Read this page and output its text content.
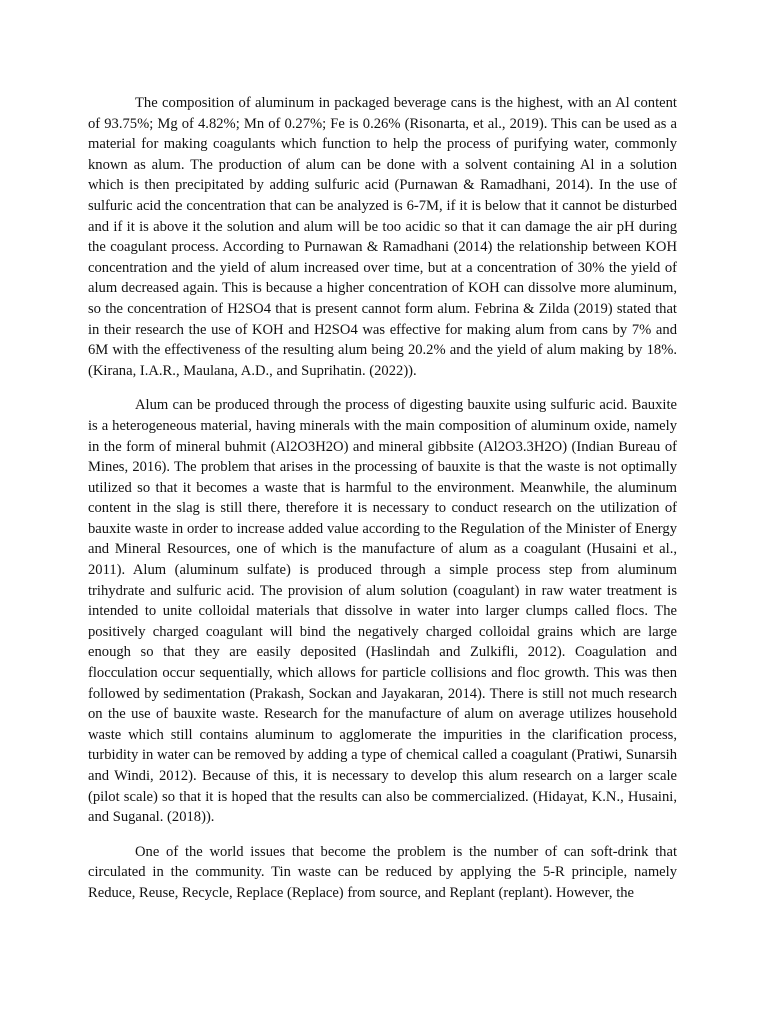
The composition of aluminum in packaged beverage cans is the highest, with an Al content of 93.75%; Mg of 4.82%; Mn of 0.27%; Fe is 0.26% (Risonarta, et al., 2019). This can be used as a material for making coagulants which function to help the process of purifying water, commonly known as alum. The production of alum can be done with a solvent containing Al in a solution which is then precipitated by adding sulfuric acid (Purnawan & Ramadhani, 2014). In the use of sulfuric acid the concentration that can be analyzed is 6-7M, if it is below that it cannot be disturbed and if it is above it the solution and alum will be too acidic so that it can damage the air pH during the coagulant process. According to Purnawan & Ramadhani (2014) the relationship between KOH concentration and the yield of alum increased over time, but at a concentration of 30% the yield of alum decreased again. This is because a higher concentration of KOH can dissolve more aluminum, so the concentration of H2SO4 that is present cannot form alum. Febrina & Zilda (2019) stated that in their research the use of KOH and H2SO4 was effective for making alum from cans by 7% and 6M with the effectiveness of the resulting alum being 20.2% and the yield of alum making by 18%. (Kirana, I.A.R., Maulana, A.D., and Suprihatin. (2022)).

Alum can be produced through the process of digesting bauxite using sulfuric acid. Bauxite is a heterogeneous material, having minerals with the main composition of aluminum oxide, namely in the form of mineral buhmit (Al2O3H2O) and mineral gibbsite (Al2O3.3H2O) (Indian Bureau of Mines, 2016). The problem that arises in the processing of bauxite is that the waste is not optimally utilized so that it becomes a waste that is harmful to the environment. Meanwhile, the aluminum content in the slag is still there, therefore it is necessary to conduct research on the utilization of bauxite waste in order to increase added value according to the Regulation of the Minister of Energy and Mineral Resources, one of which is the manufacture of alum as a coagulant (Husaini et al., 2011). Alum (aluminum sulfate) is produced through a simple process step from aluminum trihydrate and sulfuric acid. The provision of alum solution (coagulant) in raw water treatment is intended to unite colloidal materials that dissolve in water into larger clumps called flocs. The positively charged coagulant will bind the negatively charged colloidal grains which are large enough so that they are easily deposited (Haslindah and Zulkifli, 2012). Coagulation and flocculation occur sequentially, which allows for particle collisions and floc growth. This was then followed by sedimentation (Prakash, Sockan and Jayakaran, 2014). There is still not much research on the use of bauxite waste. Research for the manufacture of alum on average utilizes household waste which still contains aluminum to agglomerate the impurities in the clarification process, turbidity in water can be removed by adding a type of chemical called a coagulant (Pratiwi, Sunarsih and Windi, 2012). Because of this, it is necessary to develop this alum research on a larger scale (pilot scale) so that it is hoped that the results can also be commercialized. (Hidayat, K.N., Husaini, and Suganal. (2018)).

One of the world issues that become the problem is the number of can soft-drink that circulated in the community. Tin waste can be reduced by applying the 5-R principle, namely Reduce, Reuse, Recycle, Replace (Replace) from source, and Replant (replant). However, the
